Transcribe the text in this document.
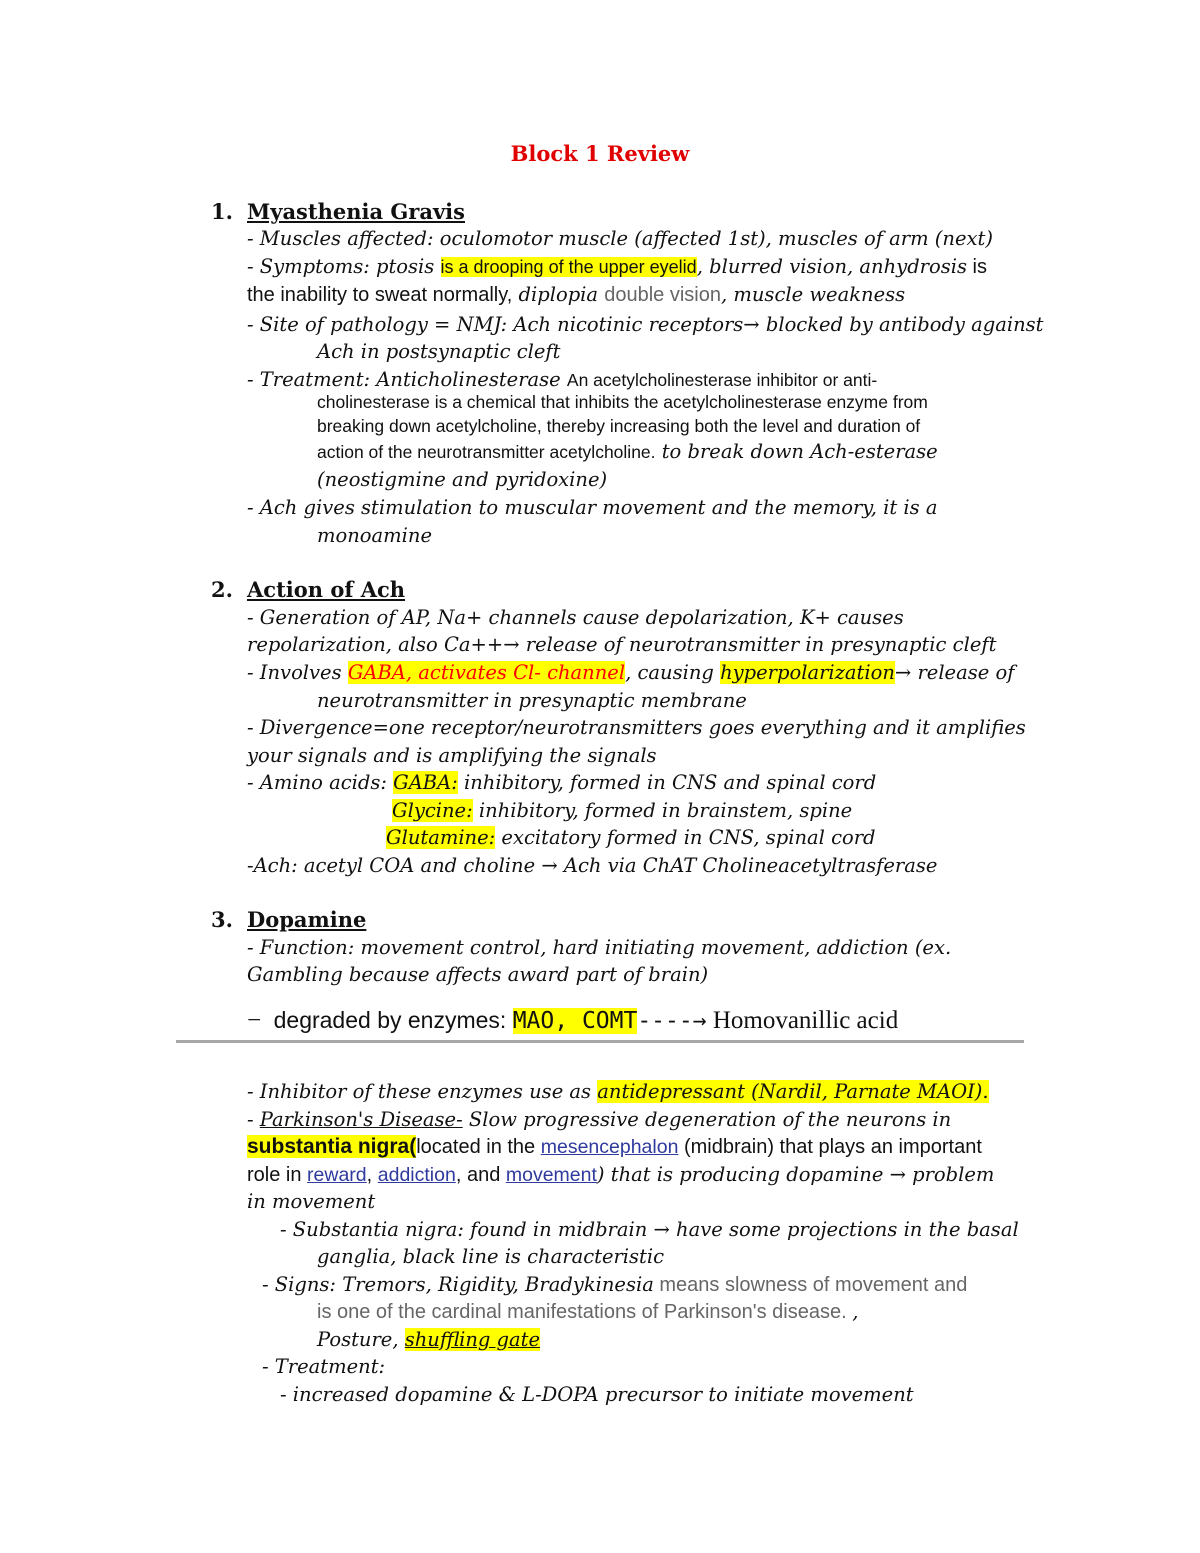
Block 1 Review
1. Myasthenia Gravis
- Muscles affected: oculomotor muscle (affected 1st), muscles of arm (next)
- Symptoms: ptosis is a drooping of the upper eyelid, blurred vision, anhydrosis is
the inability to sweat normally, diplopia double vision, muscle weakness
- Site of pathology = NMJ: Ach nicotinic receptors→ blocked by antibody against
Ach in postsynaptic cleft
- Treatment: Anticholinesterase An acetylcholinesterase inhibitor or anti-
cholinesterase is a chemical that inhibits the acetylcholinesterase enzyme from
breaking down acetylcholine, thereby increasing both the level and duration of
action of the neurotransmitter acetylcholine. to break down Ach-esterase
(neostigmine and pyridoxine)
- Ach gives stimulation to muscular movement and the memory, it is a
monoamine
2. Action of Ach
- Generation of AP, Na+ channels cause depolarization, K+ causes
repolarization, also Ca++→ release of neurotransmitter in presynaptic cleft
- Involves GABA, activates Cl- channel, causing hyperpolarization→ release of
neurotransmitter in presynaptic membrane
- Divergence=one receptor/neurotransmitters goes everything and it amplifies
your signals and is amplifying the signals
- Amino acids: GABA: inhibitory, formed in CNS and spinal cord
Glycine: inhibitory, formed in brainstem, spine
Glutamine: excitatory formed in CNS, spinal cord
-Ach: acetyl COA and choline → Ach via ChAT Cholineacetyltrasferase
3. Dopamine
- Function: movement control, hard initiating movement, addiction (ex.
Gambling because affects award part of brain)
− degraded by enzymes: MAO, COMT----→ Homovanillic acid
- Inhibitor of these enzymes use as antidepressant (Nardil, Parnate MAOI).
- Parkinson's Disease- Slow progressive degeneration of the neurons in
substantia nigra(located in the mesencephalon (midbrain) that plays an important
role in reward, addiction, and movement) that is producing dopamine → problem
in movement
- Substantia nigra: found in midbrain → have some projections in the basal
ganglia, black line is characteristic
- Signs: Tremors, Rigidity, Bradykinesia means slowness of movement and
is one of the cardinal manifestations of Parkinson's disease. ,
Posture, shuffling gate
- Treatment:
- increased dopamine & L-DOPA precursor to initiate movement
